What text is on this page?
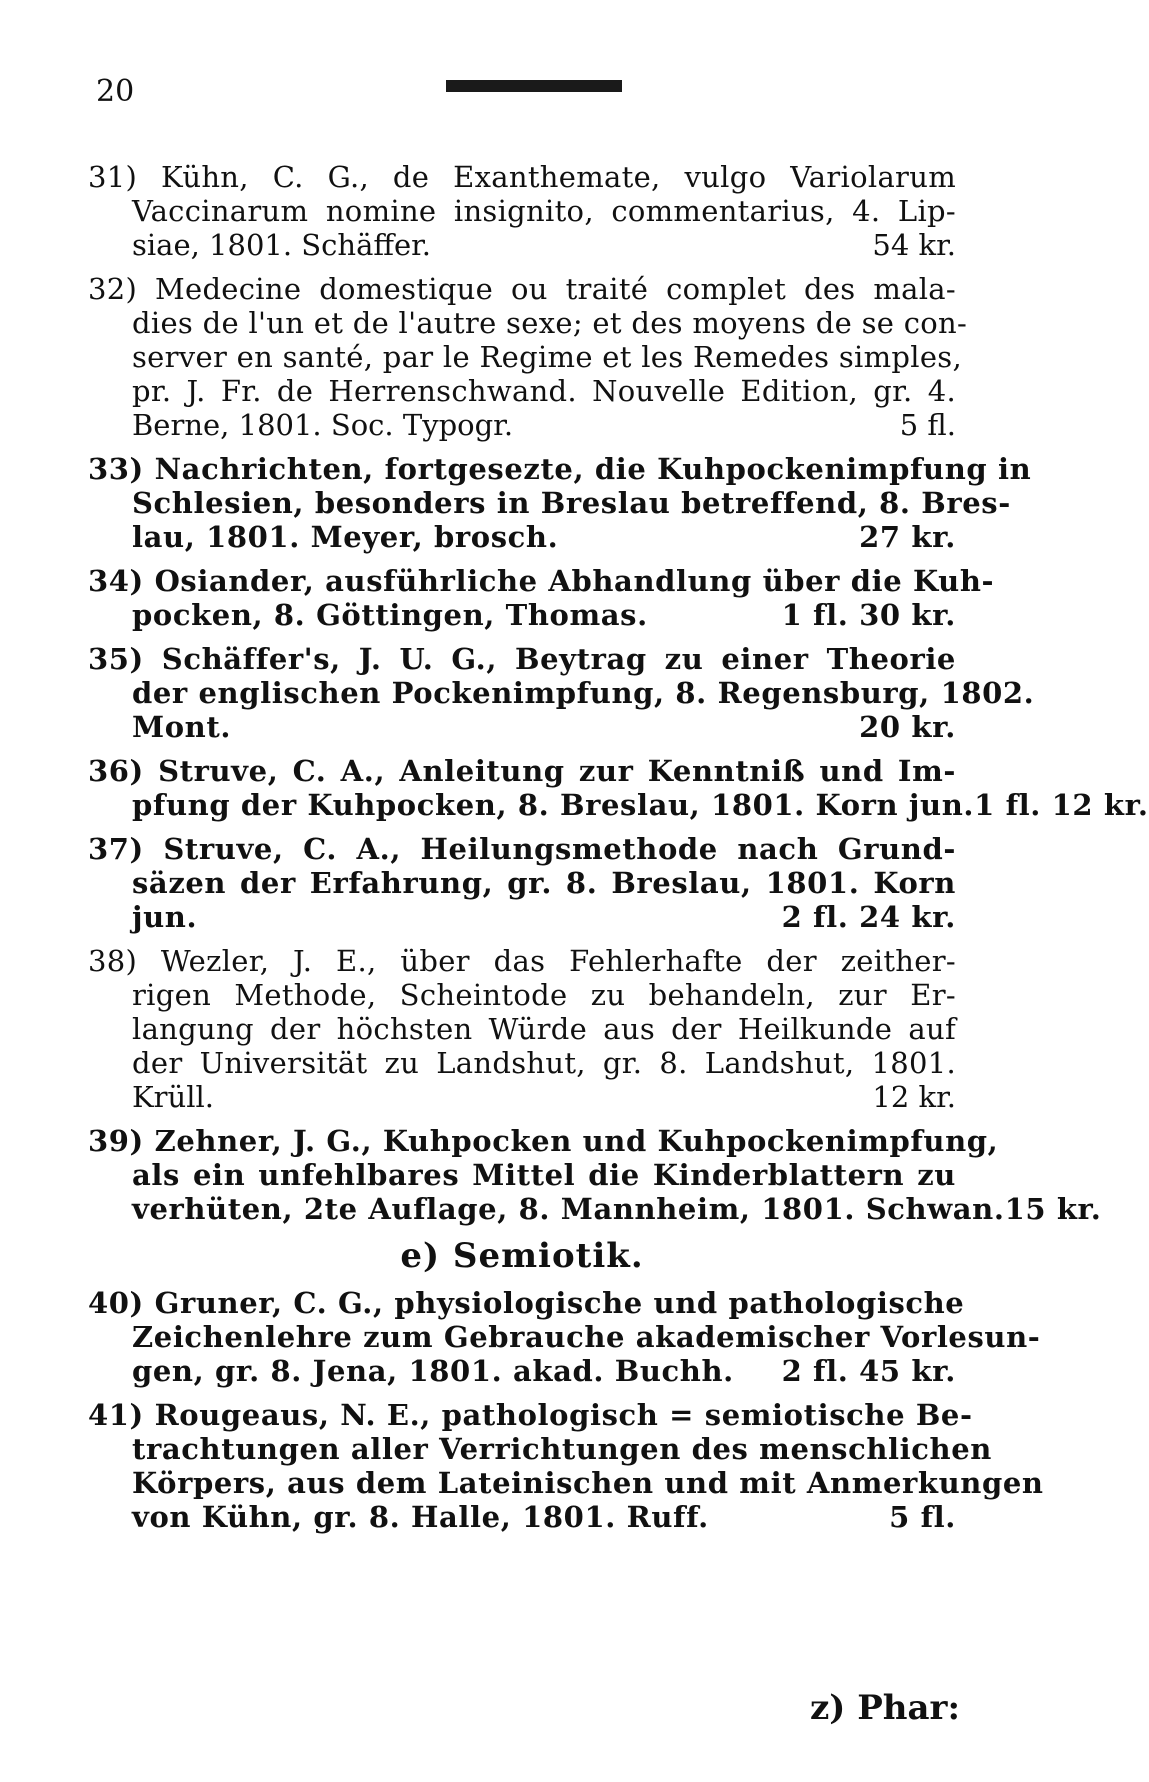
20
31) Kühn, C. G., de Exanthemate, vulgo Variolarum
Vaccinarum nomine insignito, commentarius, 4. Lip-
siae, 1801. Schäffer.	54 kr.
32) Medecine domestique ou traité complet des mala-
dies de l'un et de l'autre sexe; et des moyens de se con-
server en santé, par le Regime et les Remedes simples,
pr. J. Fr. de Herrenschwand. Nouvelle Edition, gr. 4.
Berne, 1801. Soc. Typogr.	5 fl.
33) Nachrichten, fortgesezte, die Kuhpockenimpfung in
Schlesien, besonders in Breslau betreffend, 8. Bres-
lau, 1801. Meyer, brosch.	27 kr.
34) Osiander, ausführliche Abhandlung über die Kuh-
pocken, 8. Göttingen, Thomas.	1 fl. 30 kr.
35) Schäffer's, J. U. G., Beytrag zu einer Theorie
der englischen Pockenimpfung, 8. Regensburg, 1802.
Mont.	20 kr.
36) Struve, C. A., Anleitung zur Kenntniß und Im-
pfung der Kuhpocken, 8. Breslau, 1801. Korn jun. 1 fl. 12 kr.
37) Struve, C. A., Heilungsmethode nach Grund-
säzen der Erfahrung, gr. 8. Breslau, 1801. Korn
jun.	2 fl. 24 kr.
38) Wezler, J. E., über das Fehlerhafte der zeither-
rigen Methode, Scheintode zu behandeln, zur Er-
langung der höchsten Würde aus der Heilkunde auf
der Universität zu Landshut, gr. 8. Landshut, 1801.
Krüll.	12 kr.
39) Zehner, J. G., Kuhpocken und Kuhpockenimpfung,
als ein unfehlbares Mittel die Kinderblattern zu
verhüten, 2te Auflage, 8. Mannheim, 1801. Schwan. 15 kr.
e) Semiotik.
40) Gruner, C. G., physiologische und pathologische
Zeichenlehre zum Gebrauche akademischer Vorlesun-
gen, gr. 8. Jena, 1801. akad. Buchh. 2 fl. 45 kr.
41) Rougeaus, N. E., pathologisch = semiotische Be-
trachtungen aller Verrichtungen des menschlichen
Körpers, aus dem Lateinischen und mit Anmerkungen
von Kühn, gr. 8. Halle, 1801. Ruff.	5 fl.
z) Phar:
